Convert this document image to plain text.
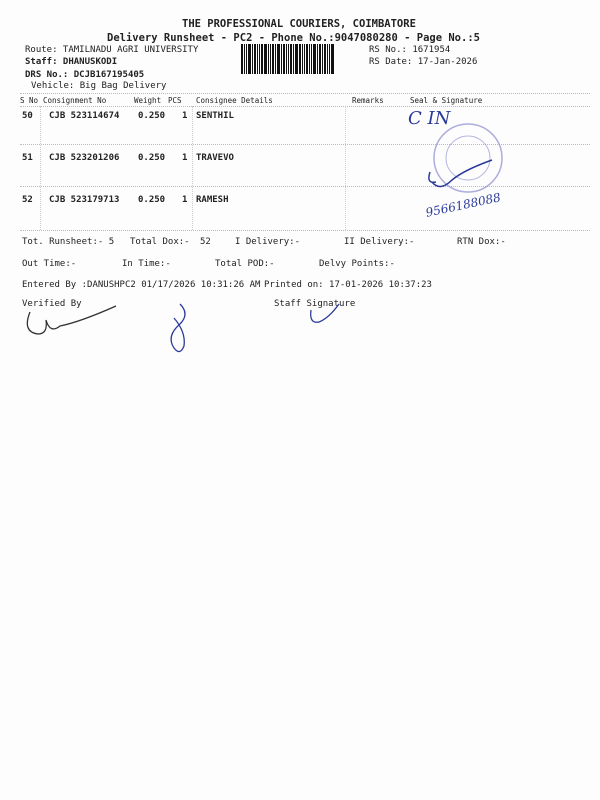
THE PROFESSIONAL COURIERS, COIMBATORE
Delivery Runsheet - PC2 - Phone No.:9047080280 - Page No.:5
Route: TAMILNADU AGRI UNIVERSITY
Staff: DHANUSKODI
DRS No.: DCJB167195405
Vehicle: Big Bag Delivery
RS No.: 1671954
RS Date: 17-Jan-2026
S No Consignment No	Weight PCS Consignee Details	Remarks	Seal & Signature
50 CJB 523114674 0.250 1 SENTHIL
51 CJB 523201206 0.250 1 TRAVEVO
52 CJB 523179713 0.250 1 RAMESH
C IN
9566188088
Tot. Runsheet:- 5 Total Dox:- 52	I Delivery:-	II Delivery:-	RTN Dox:-
Out Time:-	In Time:-	Total POD:-	Delvy Points:-
Entered By :DANUSHPC2 01/17/2026 10:31:26 AM Printed on: 17-01-2026 10:37:23
Verified By	Staff Signature
